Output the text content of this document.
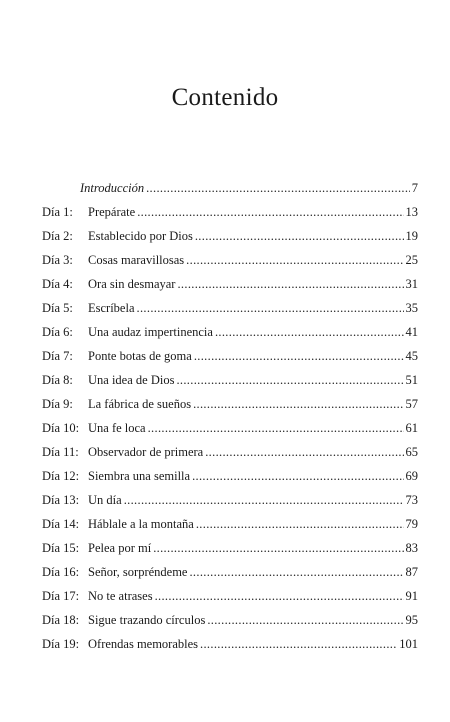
Contenido
Introducción . . .	7
Día 1:	Prepárate . . .	13
Día 2:	Establecido por Dios . . .	19
Día 3:	Cosas maravillosas . . .	25
Día 4:	Ora sin desmayar . . .	31
Día 5:	Escríbela . . .	35
Día 6:	Una audaz impertinencia . . .	41
Día 7:	Ponte botas de goma . . .	45
Día 8:	Una idea de Dios . . .	51
Día 9:	La fábrica de sueños . . .	57
Día 10: Una fe loca . . .	61
Día 11: Observador de primera . . .	65
Día 12: Siembra una semilla . . .	69
Día 13: Un día . . .	73
Día 14: Háblale a la montaña . . .	79
Día 15: Pelea por mí . . .	83
Día 16: Señor, sorpréndeme . . .	87
Día 17: No te atrases . . .	91
Día 18: Sigue trazando círculos . . .	95
Día 19: Ofrendas memorables . . .	101
